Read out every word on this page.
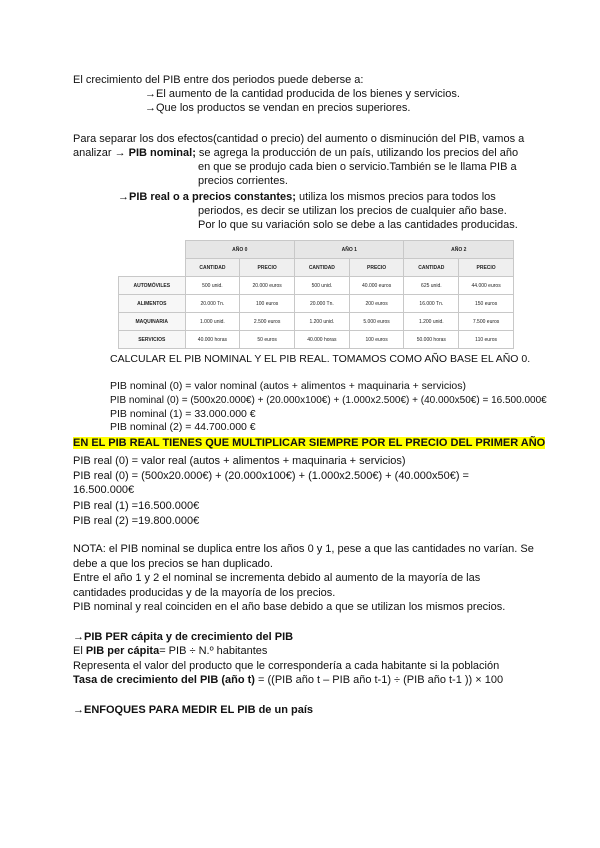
El crecimiento del PIB entre dos periodos puede deberse a:
→El aumento de la cantidad producida de los bienes y servicios.
→Que los productos se vendan en precios superiores.
Para separar los dos efectos(cantidad o precio) del aumento o disminución del PIB, vamos a
analizar → PIB nominal; se agrega la producción de un país, utilizando los precios del año
en que se produjo cada bien o servicio.También se le llama PIB a
precios corrientes.
→PIB real o a precios constantes; utiliza los mismos precios para todos los
periodos, es decir se utilizan los precios de cualquier año base.
Por lo que su variación solo se debe a las cantidades producidas.
	AÑO 0		AÑO 1		AÑO 2	
	CANTIDAD	PRECIO	CANTIDAD	PRECIO	CANTIDAD	PRECIO
AUTOMÓVILES	500 unid.	20.000 euros	500 unid.	40.000 euros	625 unid.	44.000 euros
ALIMENTOS	20.000 Tn.	100 euros	20.000 Tn.	200 euros	16.000 Tn.	150 euros
MAQUINARIA	1.000 unid.	2.500 euros	1.200 unid.	5.000 euros	1.200 unid.	7.500 euros
SERVICIOS	40.000 horas	50 euros	40.000 horas	100 euros	50.000 horas	110 euros
CALCULAR EL PIB NOMINAL Y EL PIB REAL. TOMAMOS COMO AÑO BASE EL AÑO 0.
PIB nominal (0) = valor nominal (autos + alimentos + maquinaria + servicios)
PIB nominal (0) = (500x20.000€) + (20.000x100€) + (1.000x2.500€) + (40.000x50€) = 16.500.000€
PIB nominal (1) = 33.000.000 €
PIB nominal (2) = 44.700.000 €
EN EL PIB REAL TIENES QUE MULTIPLICAR SIEMPRE POR EL PRECIO DEL PRIMER AÑO
PIB real (0) = valor real (autos + alimentos + maquinaria + servicios)
PIB real (0) = (500x20.000€) + (20.000x100€) + (1.000x2.500€) + (40.000x50€) =
16.500.000€
PIB real (1) =16.500.000€
PIB real (2) =19.800.000€
NOTA: el PIB nominal se duplica entre los años 0 y 1, pese a que las cantidades no varían. Se
debe a que los precios se han duplicado.
Entre el año 1 y 2 el nominal se incrementa debido al aumento de la mayoría de las
cantidades producidas y de la mayoría de los precios.
PIB nominal y real coinciden en el año base debido a que se utilizan los mismos precios.
→PIB PER cápita y de crecimiento del PIB
El PIB per cápita= PIB ÷ N.º habitantes
Representa el valor del producto que le correspondería a cada habitante si la población
Tasa de crecimiento del PIB (año t) = ((PIB año t – PIB año t-1) ÷ (PIB año t-1 )) × 100
→ENFOQUES PARA MEDIR EL PIB de un país
